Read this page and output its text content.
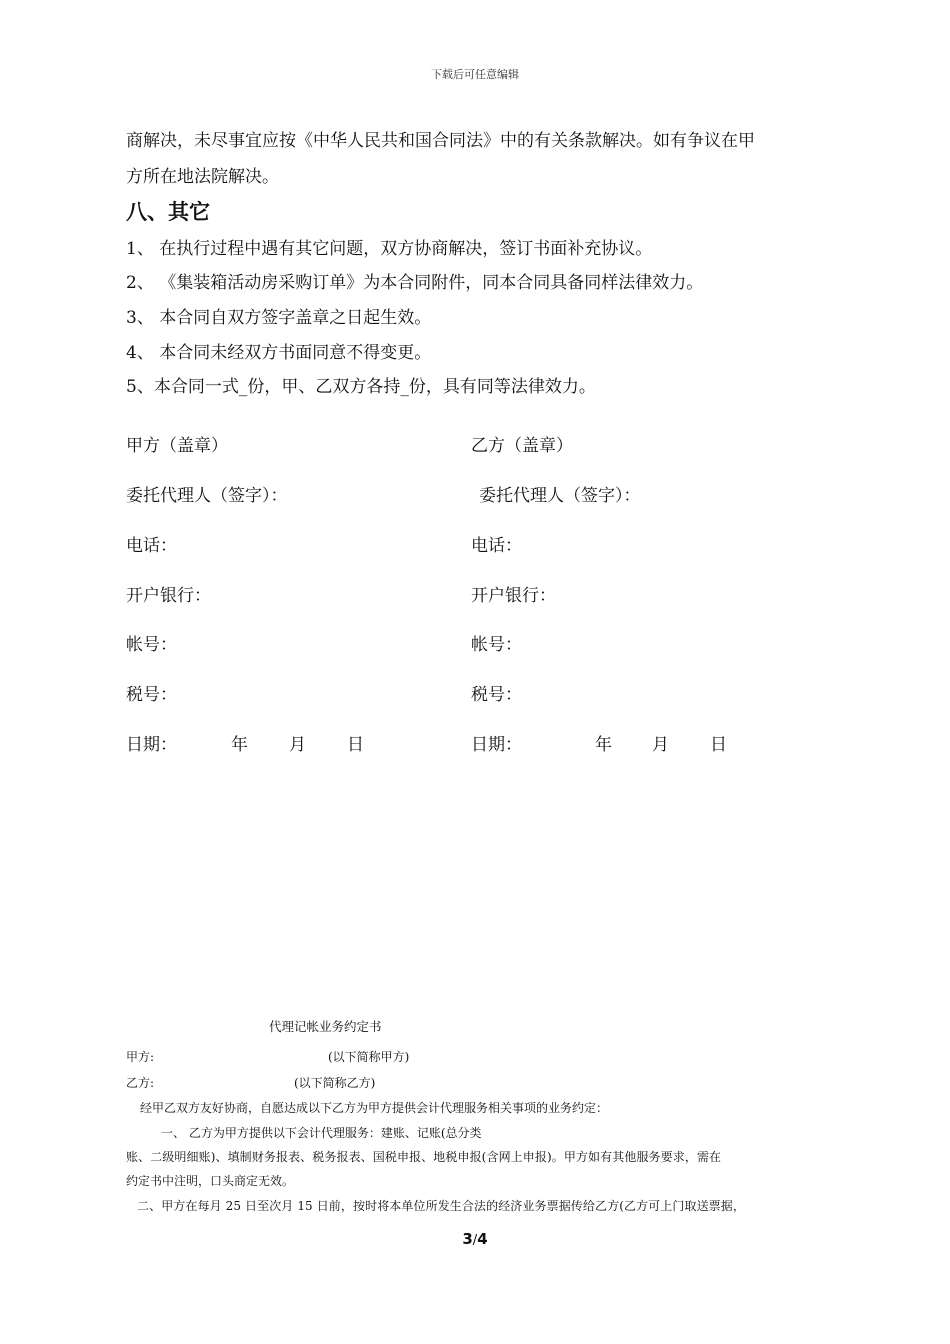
下载后可任意编辑
商解决，未尽事宜应按《中华人民共和国合同法》中的有关条款解决。如有争议在甲
方所在地法院解决。
八、其它
1、 在执行过程中遇有其它问题，双方协商解决，签订书面补充协议。
2、 《集装箱活动房采购订单》为本合同附件，同本合同具备同样法律效力。
3、 本合同自双方签字盖章之日起生效。
4、 本合同未经双方书面同意不得变更。
5、本合同一式_份，甲、乙双方各持_份，具有同等法律效力。
甲方（盖章）
委托代理人（签字）：
电话：
开户银行：
帐号：
税号：
日期：	年 月 日
乙方（盖章）
委托代理人（签字）：
电话：
开户银行：
帐号：
税号：
日期：	年 月 日
代理记帐业务约定书
甲方:	(以下简称甲方)
乙方:	(以下简称乙方)
经甲乙双方友好协商，自愿达成以下乙方为甲方提供会计代理服务相关事项的业务约定：
一、 乙方为甲方提供以下会计代理服务：建账、记账(总分类
账、二级明细账)、填制财务报表、税务报表、国税申报、地税申报(含网上申报)。甲方如有其他服务要求，需在
约定书中注明，口头商定无效。
二、甲方在每月 25 日至次月 15 日前，按时将本单位所发生合法的经济业务票据传给乙方(乙方可上门取送票据，
3/4
